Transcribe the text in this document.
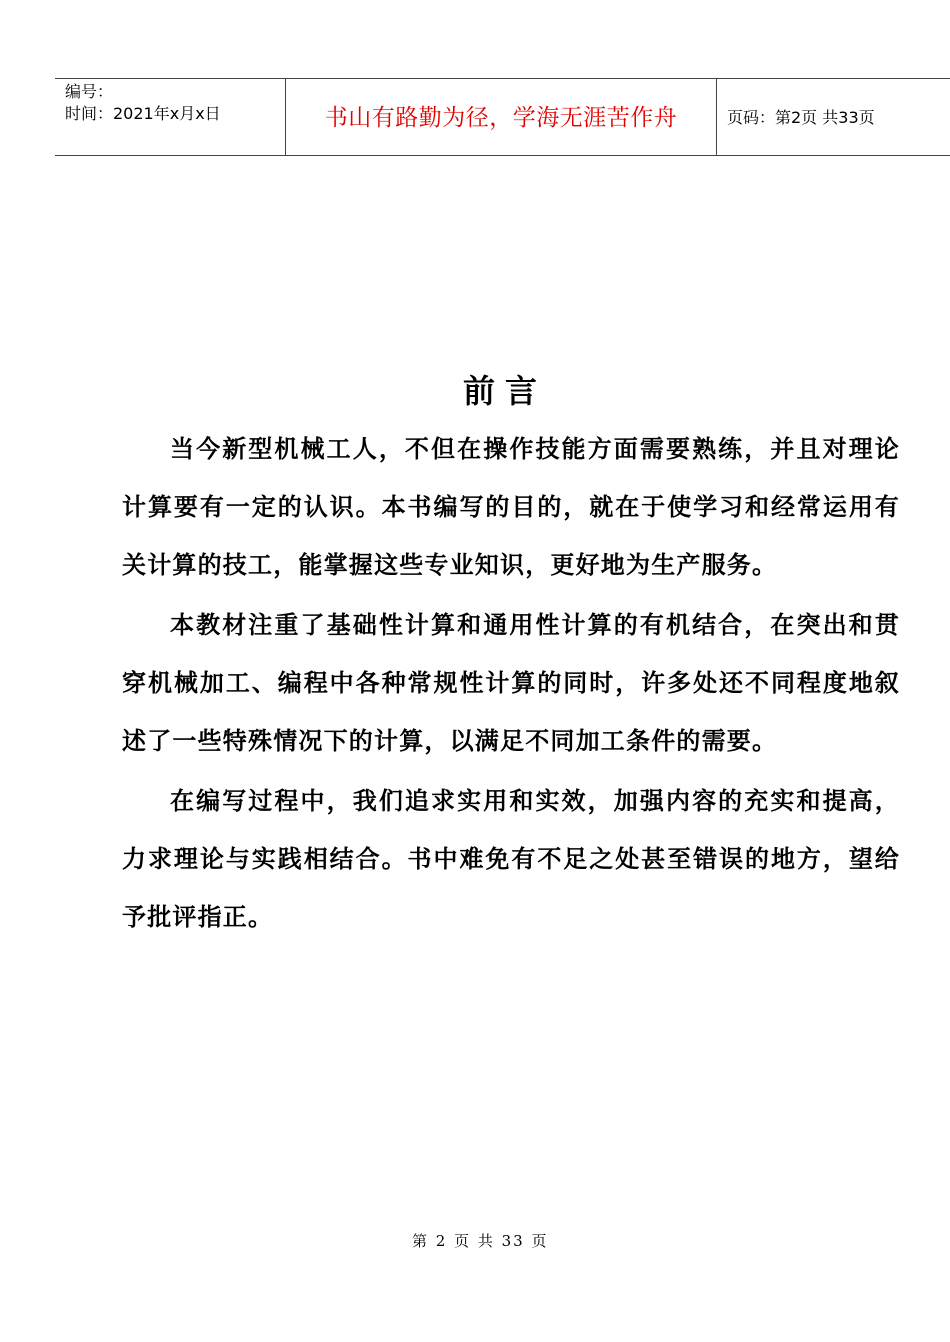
编号：
时间：2021年x月x日	书山有路勤为径，学海无涯苦作舟	页码：第2页 共33页
前言

当今新型机械工人，不但在操作技能方面需要熟练，并且对理论计算要有一定的认识。本书编写的目的，就在于使学习和经常运用有关计算的技工，能掌握这些专业知识，更好地为生产服务。

本教材注重了基础性计算和通用性计算的有机结合，在突出和贯穿机械加工、编程中各种常规性计算的同时，许多处还不同程度地叙述了一些特殊情况下的计算，以满足不同加工条件的需要。

在编写过程中，我们追求实用和实效，加强内容的充实和提高，力求理论与实践相结合。书中难免有不足之处甚至错误的地方，望给予批评指正。

第 2 页 共 33 页
